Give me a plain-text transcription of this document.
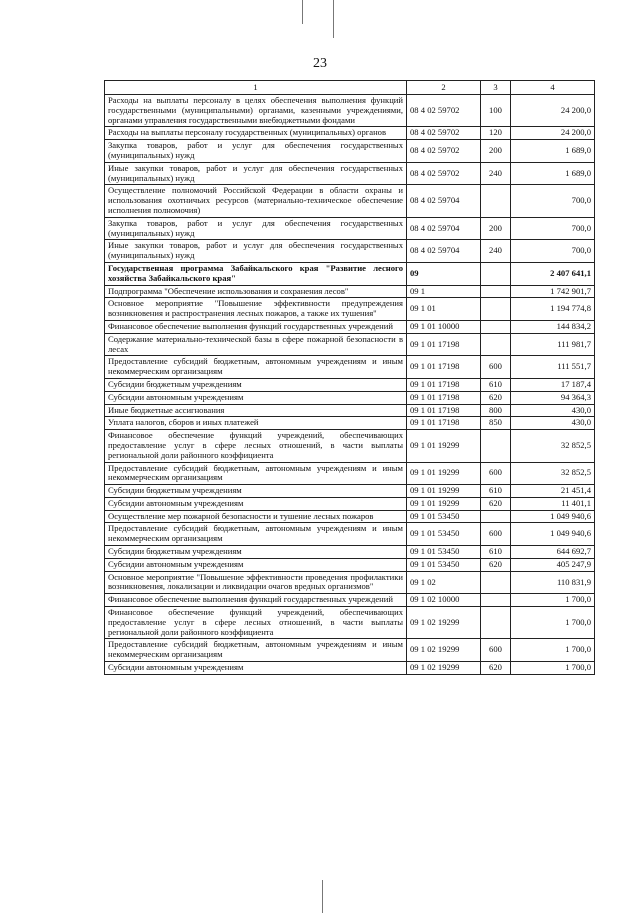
23
1	2	3	4
Расходы на выплаты персоналу в целях обеспечения выполнения функций государственными (муниципальными) органами, казенными учреждениями, органами управления государственными внебюджетными фондами	08 4 02 59702	100	24 200,0
Расходы на выплаты персоналу государственных (муниципальных) органов	08 4 02 59702	120	24 200,0
Закупка товаров, работ и услуг для обеспечения государственных (муниципальных) нужд	08 4 02 59702	200	1 689,0
Иные закупки товаров, работ и услуг для обеспечения государственных (муниципальных) нужд	08 4 02 59702	240	1 689,0
Осуществление полномочий Российской Федерации в области охраны и использования охотничьих ресурсов (материально-техническое обеспечение исполнения полномочия)	08 4 02 59704		700,0
Закупка товаров, работ и услуг для обеспечения государственных (муниципальных) нужд	08 4 02 59704	200	700,0
Иные закупки товаров, работ и услуг для обеспечения государственных (муниципальных) нужд	08 4 02 59704	240	700,0
Государственная программа Забайкальского края "Развитие лесного хозяйства Забайкальского края"	09		2 407 641,1
Подпрограмма "Обеспечение использования и сохранения лесов"	09 1		1 742 901,7
Основное мероприятие "Повышение эффективности предупреждения возникновения и распространения лесных пожаров, а также их тушения"	09 1 01		1 194 774,8
Финансовое обеспечение выполнения функций государственных учреждений	09 1 01 10000		144 834,2
Содержание материально-технической базы в сфере пожарной безопасности в лесах	09 1 01 17198		111 981,7
Предоставление субсидий бюджетным, автономным учреждениям и иным некоммерческим организациям	09 1 01 17198	600	111 551,7
Субсидии бюджетным учреждениям	09 1 01 17198	610	17 187,4
Субсидии автономным учреждениям	09 1 01 17198	620	94 364,3
Иные бюджетные ассигнования	09 1 01 17198	800	430,0
Уплата налогов, сборов и иных платежей	09 1 01 17198	850	430,0
Финансовое обеспечение функций учреждений, обеспечивающих предоставление услуг в сфере лесных отношений, в части выплаты региональной доли районного коэффициента	09 1 01 19299		32 852,5
Предоставление субсидий бюджетным, автономным учреждениям и иным некоммерческим организациям	09 1 01 19299	600	32 852,5
Субсидии бюджетным учреждениям	09 1 01 19299	610	21 451,4
Субсидии автономным учреждениям	09 1 01 19299	620	11 401,1
Осуществление мер пожарной безопасности и тушение лесных пожаров	09 1 01 53450		1 049 940,6
Предоставление субсидий бюджетным, автономным учреждениям и иным некоммерческим организациям	09 1 01 53450	600	1 049 940,6
Субсидии бюджетным учреждениям	09 1 01 53450	610	644 692,7
Субсидии автономным учреждениям	09 1 01 53450	620	405 247,9
Основное мероприятие "Повышение эффективности проведения профилактики возникновения, локализации и ликвидации очагов вредных организмов"	09 1 02		110 831,9
Финансовое обеспечение выполнения функций государственных учреждений	09 1 02 10000		1 700,0
Финансовое обеспечение функций учреждений, обеспечивающих предоставление услуг в сфере лесных отношений, в части выплаты региональной доли районного коэффициента	09 1 02 19299		1 700,0
Предоставление субсидий бюджетным, автономным учреждениям и иным некоммерческим организациям	09 1 02 19299	600	1 700,0
Субсидии автономным учреждениям	09 1 02 19299	620	1 700,0
